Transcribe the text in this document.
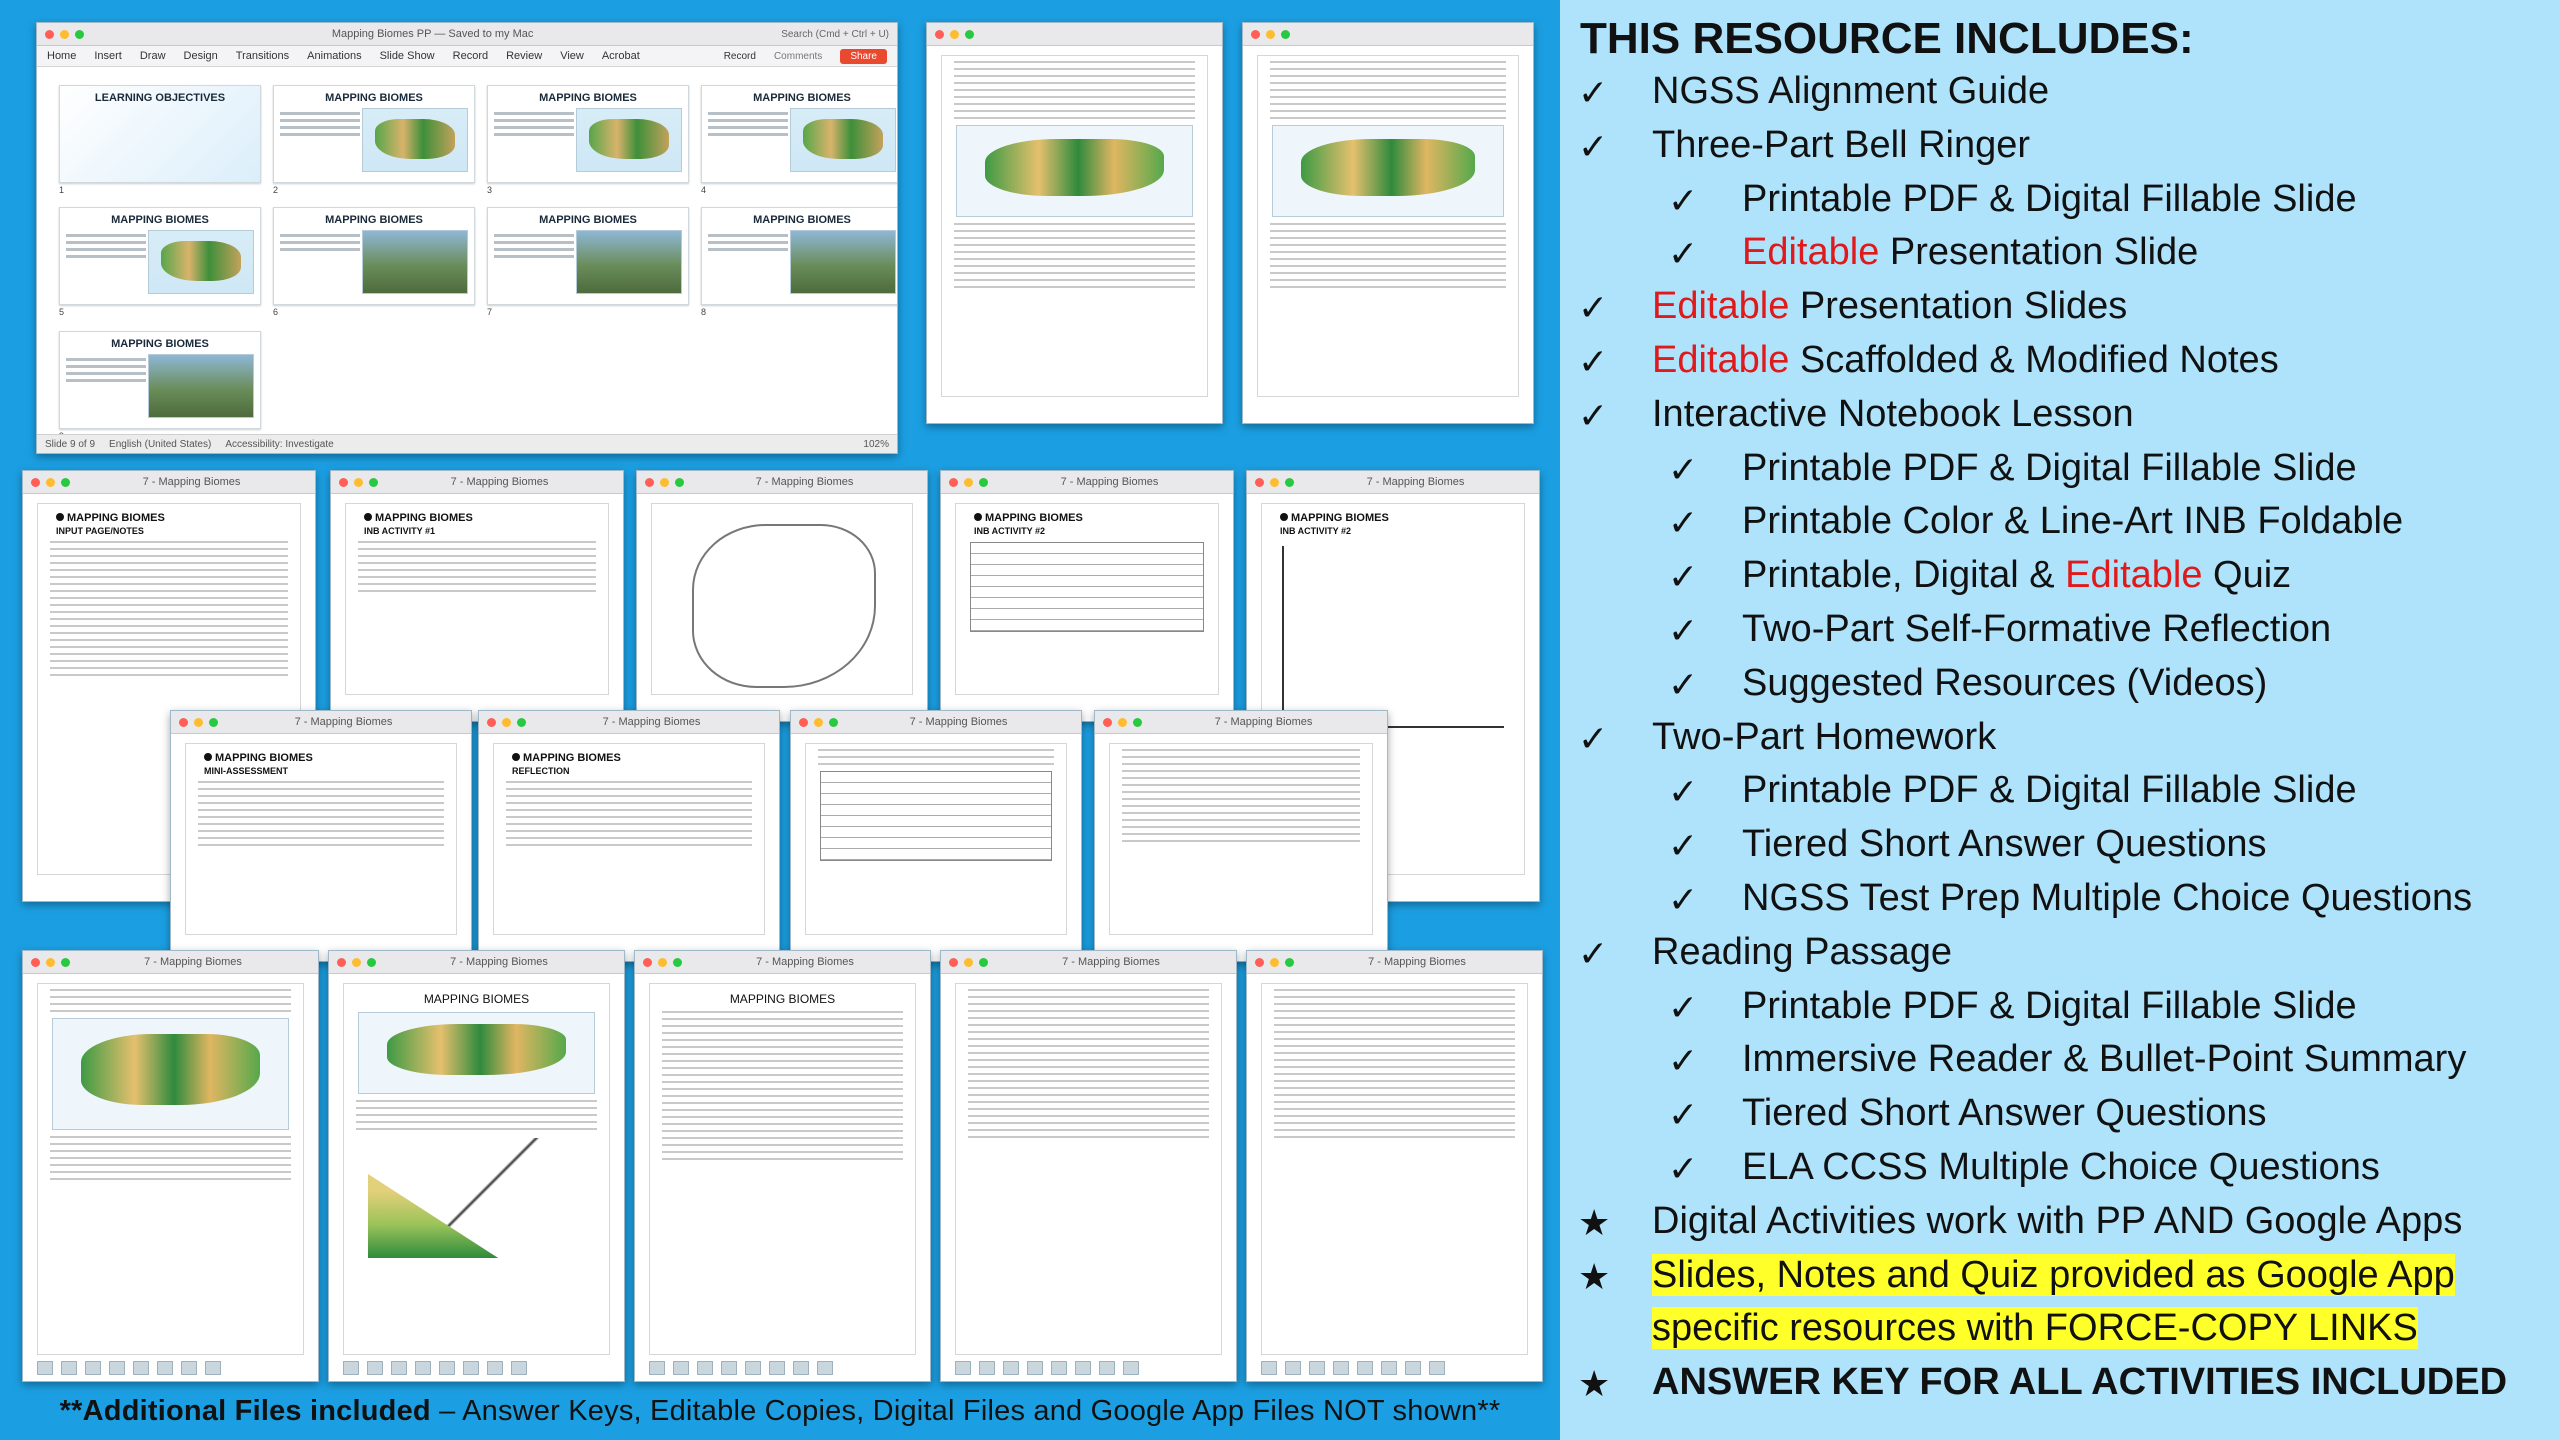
Mapping Biomes PP — Saved to my Mac	Search (Cmd + Ctrl + U)
Home Insert Draw Design Transitions Animations Slide Show Record Review View Acrobat	Record Comments	Share
LEARNING OBJECTIVES
1
MAPPING BIOMES
2
MAPPING BIOMES
3
MAPPING BIOMES
4
MAPPING BIOMES
5
MAPPING BIOMES
6
MAPPING BIOMES
7
MAPPING BIOMES
8
MAPPING BIOMES
Slide 9 of 9 English (United States) Accessibility: Investigate	102%
7 - Mapping Biomes
MAPPING BIOMES
INPUT PAGE/NOTES
7 - Mapping Biomes
MAPPING BIOMES
INB ACTIVITY #1
7 - Mapping Biomes	7 - Mapping Biomes
MAPPING BIOMES
INB ACTIVITY #2
7 - Mapping Biomes
MAPPING BIOMES
INB ACTIVITY #2
7 - Mapping Biomes
MAPPING BIOMES
MINI-ASSESSMENT
7 - Mapping Biomes
MAPPING BIOMES
REFLECTION
7 - Mapping Biomes	7 - Mapping Biomes
7 - Mapping Biomes	7 - Mapping Biomes
MAPPING BIOMES
7 - Mapping Biomes
MAPPING BIOMES
7 - Mapping Biomes	7 - Mapping Biomes
**Additional Files included – Answer Keys, Editable Copies, Digital Files and Google App Files NOT shown**
THIS RESOURCE INCLUDES:
✓ NGSS Alignment Guide
✓ Three-Part Bell Ringer
✓ Printable PDF & Digital Fillable Slide
✓ Editable Presentation Slide
✓ Editable Presentation Slides
✓ Editable Scaffolded & Modified Notes
✓ Interactive Notebook Lesson
✓ Printable PDF & Digital Fillable Slide
✓ Printable Color & Line-Art INB Foldable
✓ Printable, Digital & Editable Quiz
✓ Two-Part Self-Formative Reflection
✓ Suggested Resources (Videos)
✓ Two-Part Homework
✓ Printable PDF & Digital Fillable Slide
✓ Tiered Short Answer Questions
✓ NGSS Test Prep Multiple Choice Questions
✓ Reading Passage
✓ Printable PDF & Digital Fillable Slide
✓ Immersive Reader & Bullet-Point Summary
✓ Tiered Short Answer Questions
✓ ELA CCSS Multiple Choice Questions
★ Digital Activities work with PP AND Google Apps
★ Slides, Notes and Quiz provided as Google App
specific resources with FORCE-COPY LINKS
★ ANSWER KEY FOR ALL ACTIVITIES INCLUDED
